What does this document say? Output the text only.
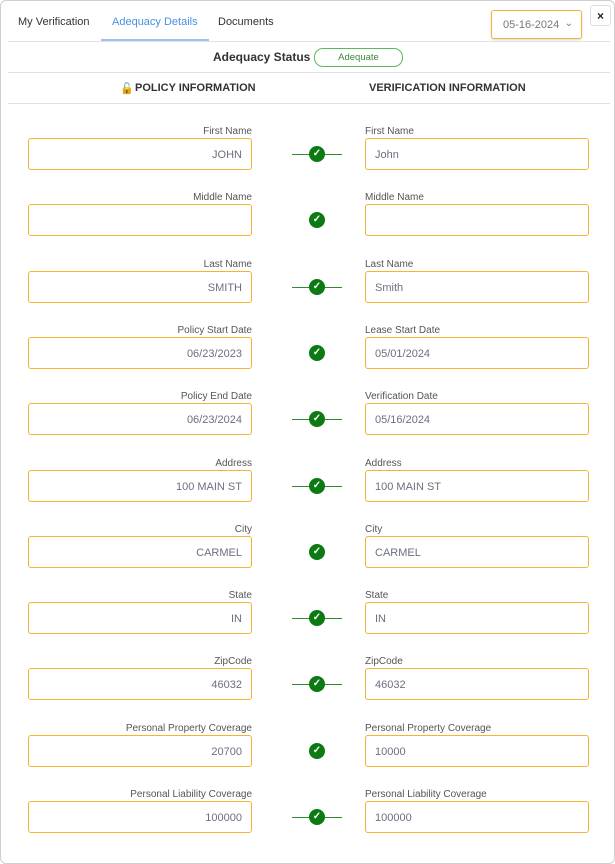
My Verification Adequacy Details Documents	05-16-2024 ⌄
×
Adequacy Status	Adequate
🔓 POLICY INFORMATION	VERIFICATION INFORMATION
First Name	First Name
JOHN	✓	John
Middle Name	Middle Name
✓
Last Name	Last Name
SMITH	✓	Smith
Policy Start Date	Lease Start Date
06/23/2023	✓	05/01/2024
Policy End Date	Verification Date
06/23/2024	✓	05/16/2024
Address	Address
100 MAIN ST	✓	100 MAIN ST
City	City
CARMEL	✓	CARMEL
State	State
IN	✓	IN
ZipCode	ZipCode
46032	✓	46032
Personal Property Coverage	Personal Property Coverage
20700	✓	10000
Personal Liability Coverage	Personal Liability Coverage
100000	✓	100000
